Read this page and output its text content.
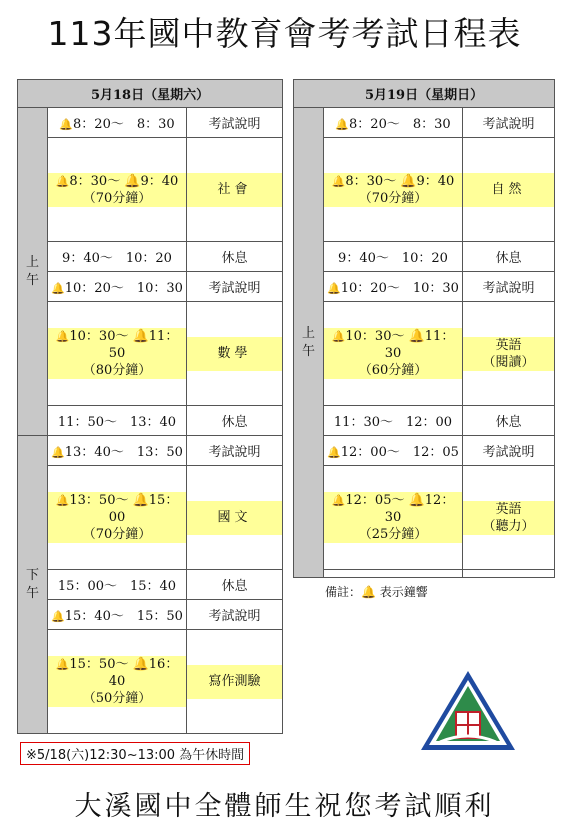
113年國中教育會考考試日程表
5月18日（星期六）		
上
午	🔔8：20～　8：30	考試說明

	🔔8：30～ 🔔9：40
（70分鐘）	社會

	9：40～　10：20	休息
	🔔10：20～　10：30	考試說明

	🔔10：30～ 🔔11：50
（80分鐘）	數學

	11：50～　13：40	休息
下
午	🔔13：40～　13：50	考試說明

	🔔13：50～ 🔔15：00
（70分鐘）	國文

	15：00～　15：40	休息
	🔔15：40～　15：50	考試說明

	🔔15：50～ 🔔16：40
（50分鐘）	寫作測驗
5月19日（星期日）		
上
午	🔔8：20～　8：30	考試說明

	🔔8：30～ 🔔9：40
（70分鐘）	自然

	9：40～　10：20	休息
	🔔10：20～　10：30	考試說明

	🔔10：30～ 🔔11：30
（60分鐘）	英語
（閱讀）

	11：30～　12：00	休息
	🔔12：00～　12：05	考試說明

	🔔12：05～ 🔔12：30
（25分鐘）	英語
（聽力）

備註：🔔 表示鐘響
※5/18(六)12:30~13:00 為午休時間
大溪國中全體師生祝您考試順利
